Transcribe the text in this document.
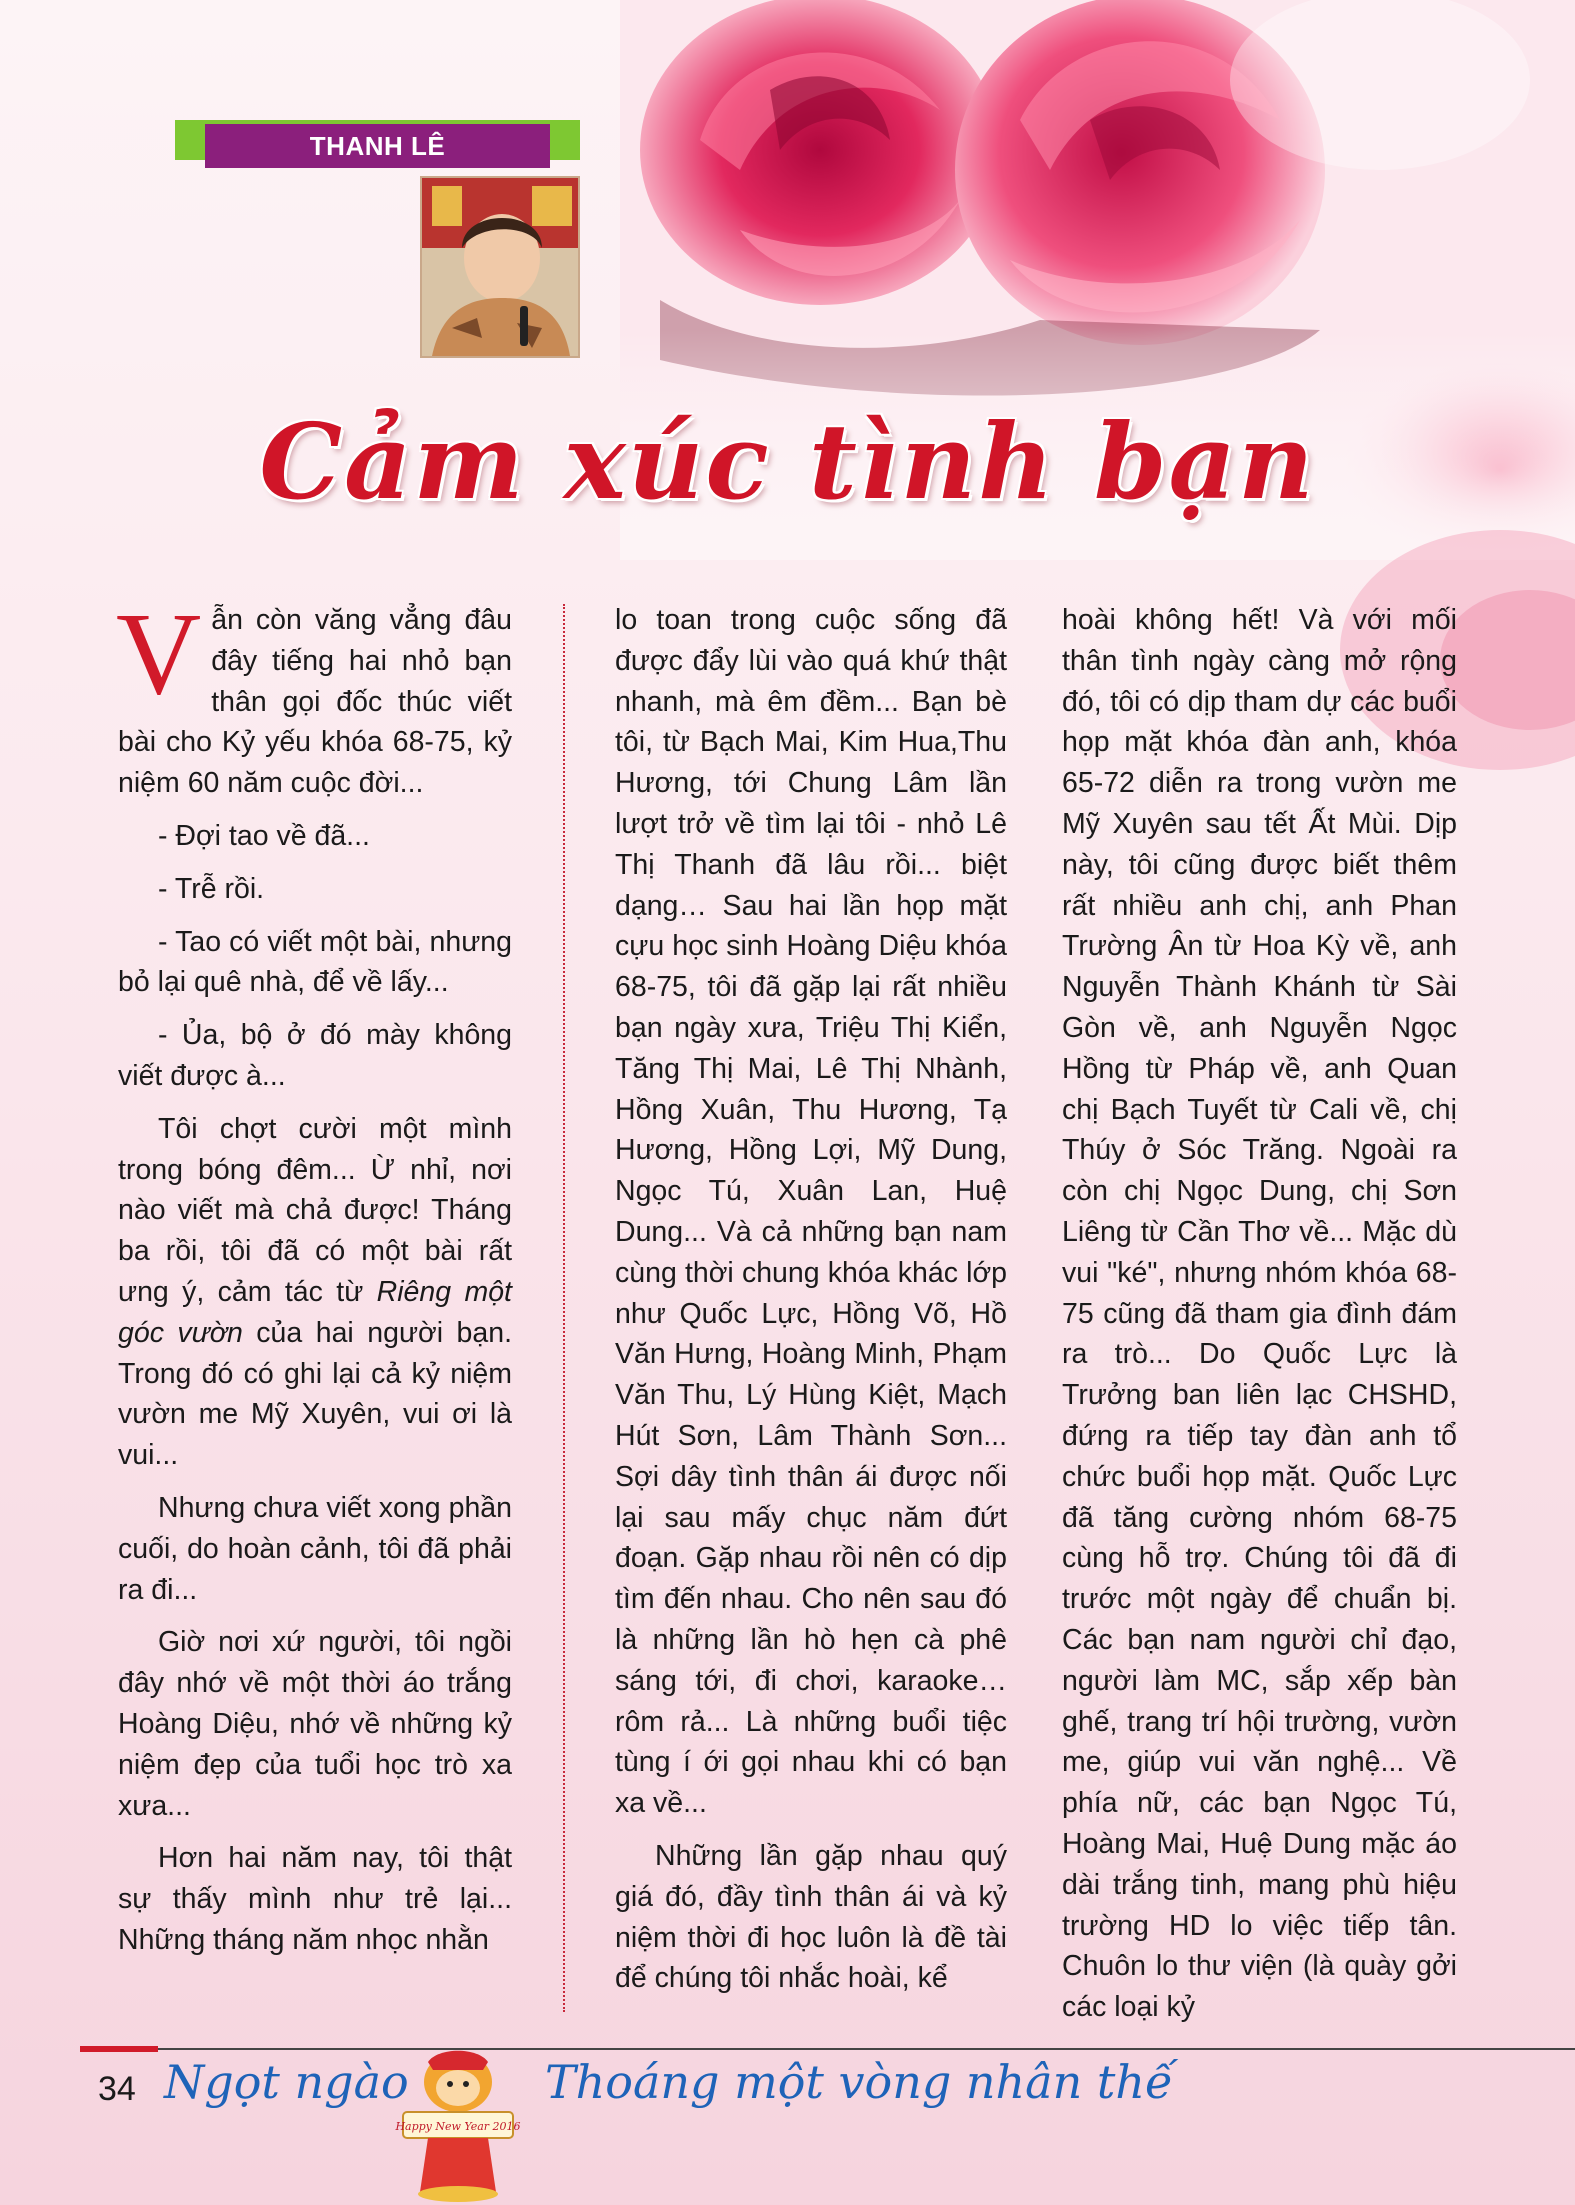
THANH LÊ
Cảm xúc tình bạn

Vẫn còn văng vẳng đâu đây tiếng hai nhỏ bạn thân gọi đốc thúc viết bài cho Kỷ yếu khóa 68-75, kỷ niệm 60 năm cuộc đời...

- Đợi tao về đã...

- Trễ rồi.

- Tao có viết một bài, nhưng bỏ lại quê nhà, để về lấy...

- Ủa, bộ ở đó mày không viết được à...

Tôi chợt cười một mình trong bóng đêm... Ừ nhỉ, nơi nào viết mà chả được! Tháng ba rồi, tôi đã có một bài rất ưng ý, cảm tác từ Riêng một góc vườn của hai người bạn. Trong đó có ghi lại cả kỷ niệm vườn me Mỹ Xuyên, vui ơi là vui...

Nhưng chưa viết xong phần cuối, do hoàn cảnh, tôi đã phải ra đi...

Giờ nơi xứ người, tôi ngồi đây nhớ về một thời áo trắng Hoàng Diệu, nhớ về những kỷ niệm đẹp của tuổi học trò xa xưa...

Hơn hai năm nay, tôi thật sự thấy mình như trẻ lại... Những tháng năm nhọc nhằn

lo toan trong cuộc sống đã được đẩy lùi vào quá khứ thật nhanh, mà êm đềm... Bạn bè tôi, từ Bạch Mai, Kim Hua,Thu Hương, tới Chung Lâm lần lượt trở về tìm lại tôi - nhỏ Lê Thị Thanh đã lâu rồi... biệt dạng… Sau hai lần họp mặt cựu học sinh Hoàng Diệu khóa 68-75, tôi đã gặp lại rất nhiều bạn ngày xưa, Triệu Thị Kiển, Tăng Thị Mai, Lê Thị Nhành, Hồng Xuân, Thu Hương, Tạ Hương, Hồng Lợi, Mỹ Dung, Ngọc Tú, Xuân Lan, Huệ Dung... Và cả những bạn nam cùng thời chung khóa khác lớp như Quốc Lực, Hồng Võ, Hồ Văn Hưng, Hoàng Minh, Phạm Văn Thu, Lý Hùng Kiệt, Mạch Hút Sơn, Lâm Thành Sơn... Sợi dây tình thân ái được nối lại sau mấy chục năm đứt đoạn. Gặp nhau rồi nên có dịp tìm đến nhau. Cho nên sau đó là những lần hò hẹn cà phê sáng tới, đi chơi, karaoke… rôm rả... Là những buổi tiệc tùng í ới gọi nhau khi có bạn xa về...

Những lần gặp nhau quý giá đó, đầy tình thân ái và kỷ niệm thời đi học luôn là đề tài để chúng tôi nhắc hoài, kể

hoài không hết! Và với mối thân tình ngày càng mở rộng đó, tôi có dịp tham dự các buổi họp mặt khóa đàn anh, khóa 65-72 diễn ra trong vườn me Mỹ Xuyên sau tết Ất Mùi. Dịp này, tôi cũng được biết thêm rất nhiều anh chị, anh Phan Trường Ân từ Hoa Kỳ về, anh Nguyễn Thành Khánh từ Sài Gòn về, anh Nguyễn Ngọc Hồng từ Pháp về, anh Quan chị Bạch Tuyết từ Cali về, chị Thúy ở Sóc Trăng. Ngoài ra còn chị Ngọc Dung, chị Sơn Liêng từ Cần Thơ về... Mặc dù vui "ké", nhưng nhóm khóa 68-75 cũng đã tham gia đình đám ra trò... Do Quốc Lực là Trưởng ban liên lạc CHSHD, đứng ra tiếp tay đàn anh tổ chức buổi họp mặt. Quốc Lực đã tăng cường nhóm 68-75 cùng hỗ trợ. Chúng tôi đã đi trước một ngày để chuẩn bị. Các bạn nam người chỉ đạo, người làm MC, sắp xếp bàn ghế, trang trí hội trường, vườn me, giúp vui văn nghệ... Về phía nữ, các bạn Ngọc Tú, Hoàng Mai, Huệ Dung mặc áo dài trắng tinh, mang phù hiệu trường HD lo việc tiếp tân. Chuôn lo thư viện (là quày gởi các loại kỷ

34 Ngọt ngào
Happy New Year 2016
Thoáng một vòng nhân thế
